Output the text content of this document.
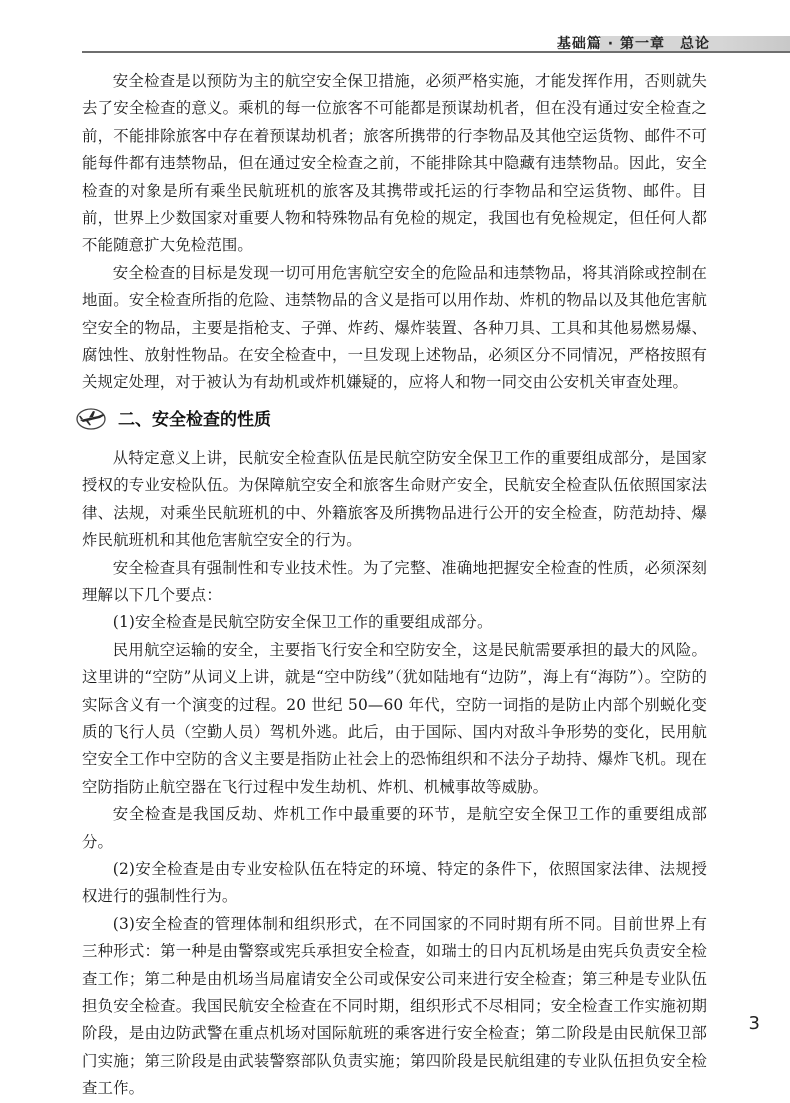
基础篇 · 第一章　总论

安全检查是以预防为主的航空安全保卫措施，必须严格实施，才能发挥作用，否则就失去了安全检查的意义。乘机的每一位旅客不可能都是预谋劫机者，但在没有通过安全检查之前，不能排除旅客中存在着预谋劫机者；旅客所携带的行李物品及其他空运货物、邮件不可能每件都有违禁物品，但在通过安全检查之前，不能排除其中隐藏有违禁物品。因此，安全检查的对象是所有乘坐民航班机的旅客及其携带或托运的行李物品和空运货物、邮件。目前，世界上少数国家对重要人物和特殊物品有免检的规定，我国也有免检规定，但任何人都不能随意扩大免检范围。

安全检查的目标是发现一切可用危害航空安全的危险品和违禁物品，将其消除或控制在地面。安全检查所指的危险、违禁物品的含义是指可以用作劫、炸机的物品以及其他危害航空安全的物品，主要是指枪支、子弹、炸药、爆炸装置、各种刀具、工具和其他易燃易爆、腐蚀性、放射性物品。在安全检查中，一旦发现上述物品，必须区分不同情况，严格按照有关规定处理，对于被认为有劫机或炸机嫌疑的，应将人和物一同交由公安机关审查处理。

二、安全检查的性质

从特定意义上讲，民航安全检查队伍是民航空防安全保卫工作的重要组成部分，是国家授权的专业安检队伍。为保障航空安全和旅客生命财产安全，民航安全检查队伍依照国家法律、法规，对乘坐民航班机的中、外籍旅客及所携物品进行公开的安全检查，防范劫持、爆炸民航班机和其他危害航空安全的行为。

安全检查具有强制性和专业技术性。为了完整、准确地把握安全检查的性质，必须深刻理解以下几个要点：

(1)安全检查是民航空防安全保卫工作的重要组成部分。

民用航空运输的安全，主要指飞行安全和空防安全，这是民航需要承担的最大的风险。这里讲的“空防”从词义上讲，就是“空中防线”（犹如陆地有“边防”，海上有“海防”）。空防的实际含义有一个演变的过程。20 世纪 50—60 年代，空防一词指的是防止内部个别蜕化变质的飞行人员（空勤人员）驾机外逃。此后，由于国际、国内对敌斗争形势的变化，民用航空安全工作中空防的含义主要是指防止社会上的恐怖组织和不法分子劫持、爆炸飞机。现在空防指防止航空器在飞行过程中发生劫机、炸机、机械事故等威胁。

安全检查是我国反劫、炸机工作中最重要的环节，是航空安全保卫工作的重要组成部分。

(2)安全检查是由专业安检队伍在特定的环境、特定的条件下，依照国家法律、法规授权进行的强制性行为。

(3)安全检查的管理体制和组织形式，在不同国家的不同时期有所不同。目前世界上有三种形式：第一种是由警察或宪兵承担安全检查，如瑞士的日内瓦机场是由宪兵负责安全检查工作；第二种是由机场当局雇请安全公司或保安公司来进行安全检查；第三种是专业队伍担负安全检查。我国民航安全检查在不同时期，组织形式不尽相同；安全检查工作实施初期阶段，是由边防武警在重点机场对国际航班的乘客进行安全检查；第二阶段是由民航保卫部门实施；第三阶段是由武装警察部队负责实施；第四阶段是民航组建的专业队伍担负安全检查工作。

3
